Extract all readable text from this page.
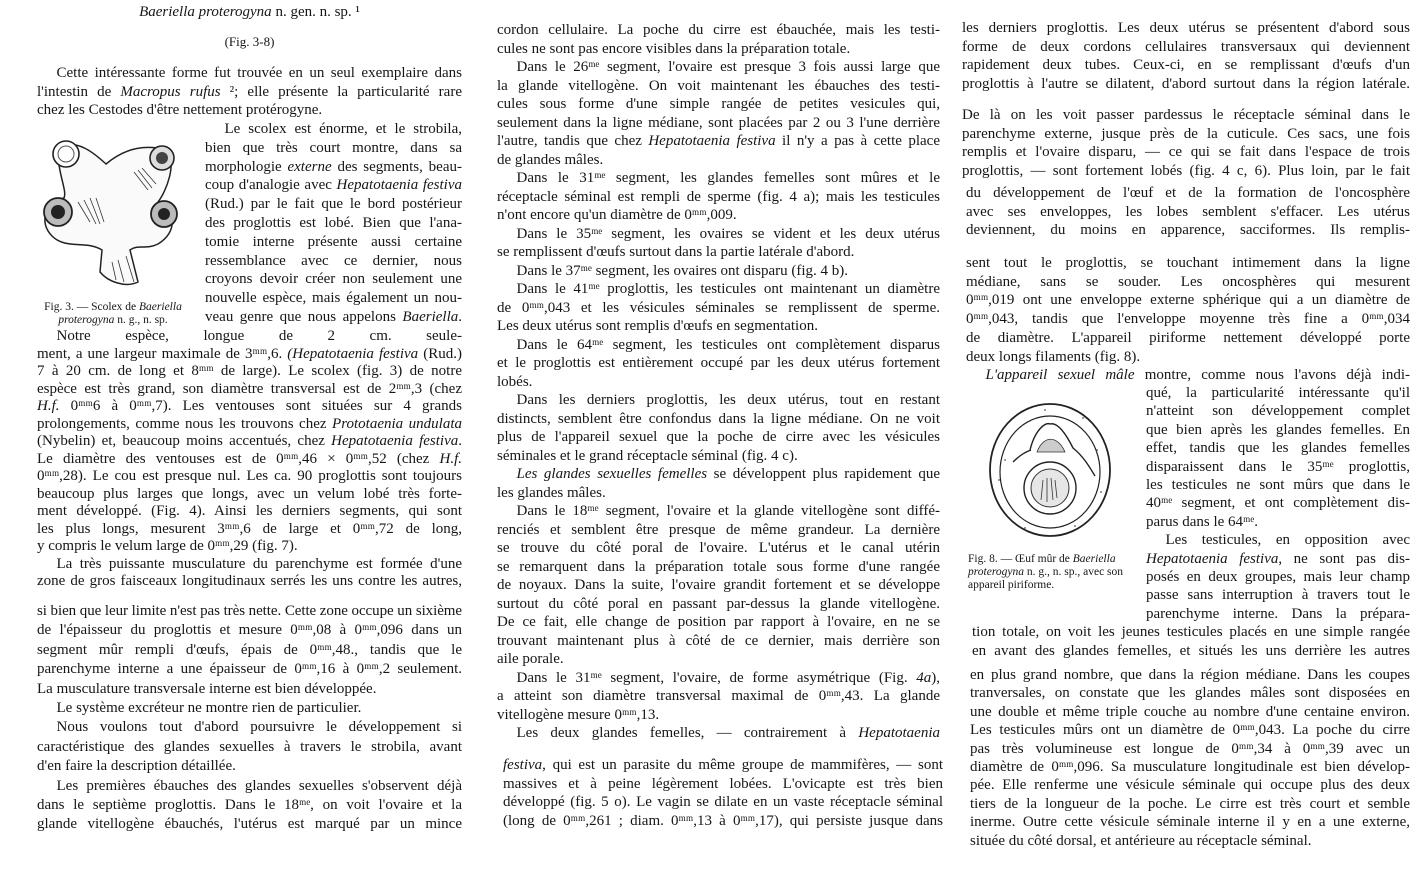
Baeriella proterogyna n. gen. n. sp. ¹
(Fig. 3-8)
Cette intéressante forme fut trouvée en un seul exemplaire dans
l'intestin de Macropus rufus ²; elle présente la particularité rare
chez les Cestodes d'être nettement protérogyne.
Le scolex est énorme, et le strobila,
bien que très court montre, dans sa
morphologie externe des segments, beau-
coup d'analogie avec Hepatotaenia festiva
(Rud.) par le fait que le bord postérieur
des proglottis est lobé. Bien que l'ana-
tomie interne présente aussi certaine
ressemblance avec ce dernier, nous
croyons devoir créer non seulement une
nouvelle espèce, mais également un nou-
veau genre que nous appelons Baeriella.
Fig. 3. — Scolex de Baeriella proterogyna n. g., n. sp.
Notre espèce, longue de 2 cm. seule-
ment, a une largeur maximale de 3ᵐᵐ,6. (Hepatotaenia festiva (Rud.)
7 à 20 cm. de long et 8ᵐᵐ de large). Le scolex (fig. 3) de notre
espèce est très grand, son diamètre transversal est de 2ᵐᵐ,3 (chez
H.f. 0ᵐᵐ6 à 0ᵐᵐ,7). Les ventouses sont situées sur 4 grands
prolongements, comme nous les trouvons chez Prototaenia undulata
(Nybelin) et, beaucoup moins accentués, chez Hepatotaenia festiva.
Le diamètre des ventouses est de 0ᵐᵐ,46 × 0ᵐᵐ,52 (chez H.f.
0ᵐᵐ,28). Le cou est presque nul. Les ca. 90 proglottis sont toujours
beaucoup plus larges que longs, avec un velum lobé très forte-
ment développé. (Fig. 4). Ainsi les derniers segments, qui sont
les plus longs, mesurent 3ᵐᵐ,6 de large et 0ᵐᵐ,72 de long,
y compris le velum large de 0ᵐᵐ,29 (fig. 7).
La très puissante musculature du parenchyme est formée d'une
zone de gros faisceaux longitudinaux serrés les uns contre les autres,
si bien que leur limite n'est pas très nette. Cette zone occupe un sixième
de l'épaisseur du proglottis et mesure 0ᵐᵐ,08 à 0ᵐᵐ,096 dans un
segment mûr rempli d'œufs, épais de 0ᵐᵐ,48., tandis que le
parenchyme interne a une épaisseur de 0ᵐᵐ,16 à 0ᵐᵐ,2 seulement.
La musculature transversale interne est bien développée.
Le système excréteur ne montre rien de particulier.
Nous voulons tout d'abord poursuivre le développement si
caractéristique des glandes sexuelles à travers le strobila, avant
d'en faire la description détaillée.
Les premières ébauches des glandes sexuelles s'observent déjà
dans le septième proglottis. Dans le 18ᵐᵉ, on voit l'ovaire et la
glande vitellogène ébauchés, l'utérus est marqué par un mince
cordon cellulaire. La poche du cirre est ébauchée, mais les testi-
cules ne sont pas encore visibles dans la préparation totale.
Dans le 26ᵐᵉ segment, l'ovaire est presque 3 fois aussi large que
la glande vitellogène. On voit maintenant les ébauches des testi-
cules sous forme d'une simple rangée de petites vesicules qui,
seulement dans la ligne médiane, sont placées par 2 ou 3 l'une derrière
l'autre, tandis que chez Hepatotaenia festiva il n'y a pas à cette place
de glandes mâles.
Dans le 31ᵐᵉ segment, les glandes femelles sont mûres et le
réceptacle séminal est rempli de sperme (fig. 4 a); mais les testicules
n'ont encore qu'un diamètre de 0ᵐᵐ,009.
Dans le 35ᵐᵉ segment, les ovaires se vident et les deux utérus
se remplissent d'œufs surtout dans la partie latérale d'abord.
Dans le 37ᵐᵉ segment, les ovaires ont disparu (fig. 4 b).
Dans le 41ᵐᵉ proglottis, les testicules ont maintenant un diamètre
de 0ᵐᵐ,043 et les vésicules séminales se remplissent de sperme.
Les deux utérus sont remplis d'œufs en segmentation.
Dans le 64ᵐᵉ segment, les testicules ont complètement disparus
et le proglottis est entièrement occupé par les deux utérus fortement
lobés.
Dans les derniers proglottis, les deux utérus, tout en restant
distincts, semblent être confondus dans la ligne médiane. On ne voit
plus de l'appareil sexuel que la poche de cirre avec les vésicules
séminales et le grand réceptacle séminal (fig. 4 c).
Les glandes sexuelles femelles se développent plus rapidement que
les glandes mâles.
Dans le 18ᵐᵉ segment, l'ovaire et la glande vitellogène sont diffé-
renciés et semblent être presque de même grandeur. La dernière
se trouve du côté poral de l'ovaire. L'utérus et le canal utérin
se remarquent dans la préparation totale sous forme d'une rangée
de noyaux. Dans la suite, l'ovaire grandit fortement et se développe
surtout du côté poral en passant par-dessus la glande vitellogène.
De ce fait, elle change de position par rapport à l'ovaire, en ne se
trouvant maintenant plus à côté de ce dernier, mais derrière son
aile porale.
Dans le 31ᵐᵉ segment, l'ovaire, de forme asymétrique (Fig. 4a),
a atteint son diamètre transversal maximal de 0ᵐᵐ,43. La glande
vitellogène mesure 0ᵐᵐ,13.
Les deux glandes femelles, — contrairement à Hepatotaenia
festiva, qui est un parasite du même groupe de mammifères, — sont
massives et à peine légèrement lobées. L'ovicapte est très bien
développé (fig. 5 o). Le vagin se dilate en un vaste réceptacle séminal
(long de 0ᵐᵐ,261 ; diam. 0ᵐᵐ,13 à 0ᵐᵐ,17), qui persiste jusque dans
les derniers proglottis. Les deux utérus se présentent d'abord sous
forme de deux cordons cellulaires transversaux qui deviennent
rapidement deux tubes. Ceux-ci, en se remplissant d'œufs d'un
proglottis à l'autre se dilatent, d'abord surtout dans la région latérale.
De là on les voit passer pardessus le réceptacle séminal dans le
parenchyme externe, jusque près de la cuticule. Ces sacs, une fois
remplis et l'ovaire disparu, — ce qui se fait dans l'espace de trois
proglottis, — sont fortement lobés (fig. 4 c, 6). Plus loin, par le fait
du développement de l'œuf et de la formation de l'oncosphère
avec ses enveloppes, les lobes semblent s'effacer. Les utérus
deviennent, du moins en apparence, sacciformes. Ils remplis-
sent tout le proglottis, se touchant intimement dans la ligne
médiane, sans se souder. Les oncosphères qui mesurent
0ᵐᵐ,019 ont une enveloppe externe sphérique qui a un diamètre de
0ᵐᵐ,043, tandis que l'enveloppe moyenne très fine a 0ᵐᵐ,034
de diamètre. L'appareil piriforme nettement développé porte
deux longs filaments (fig. 8).
L'appareil sexuel mâle montre, comme nous l'avons déjà indi-
qué, la particularité intéressante qu'il
n'atteint son développement complet
que bien après les glandes femelles. En
effet, tandis que les glandes femelles
disparaissent dans le 35ᵐᵉ proglottis,
les testicules ne sont mûrs que dans le
40ᵐᵉ segment, et ont complètement dis-
parus dans le 64ᵐᵉ.
Les testicules, en opposition avec
Hepatotaenia festiva, ne sont pas dis-
posés en deux groupes, mais leur champ
passe sans interruption à travers tout le
parenchyme interne. Dans la prépara-
Fig. 8. — Œuf mûr de Baeriella proterogyna n. g., n. sp., avec son appareil piriforme.
tion totale, on voit les jeunes testicules placés en une simple rangée
en avant des glandes femelles, et situés les uns derrière les autres
en plus grand nombre, que dans la région médiane. Dans les coupes
tranversales, on constate que les glandes mâles sont disposées en
une double et même triple couche au nombre d'une centaine environ.
Les testicules mûrs ont un diamètre de 0ᵐᵐ,043. La poche du cirre
pas très volumineuse est longue de 0ᵐᵐ,34 à 0ᵐᵐ,39 avec un
diamètre de 0ᵐᵐ,096. Sa musculature longitudinale est bien dévelop-
pée. Elle renferme une vésicule séminale qui occupe plus des deux
tiers de la longueur de la poche. Le cirre est très court et semble
inerme. Outre cette vésicule séminale interne il y en a une externe,
située du côté dorsal, et antérieure au réceptacle séminal.
